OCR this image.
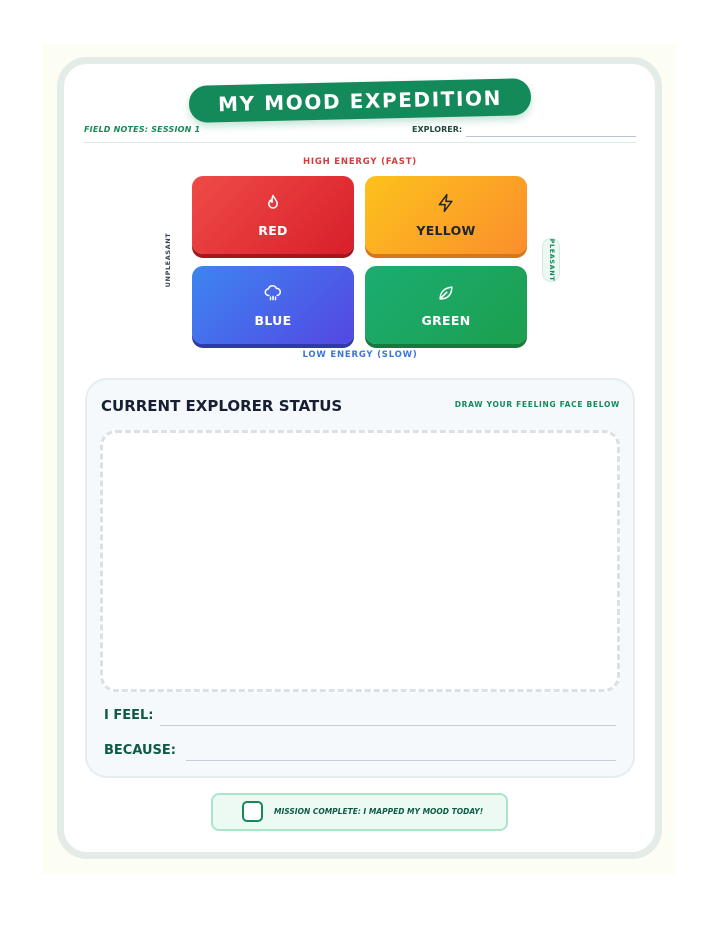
MY MOOD EXPEDITION
FIELD NOTES: SESSION 1	EXPLORER:
HIGH ENERGY (FAST)
UNPLEASANT	PLEASANT
RED	YELLOW
BLUE	GREEN
LOW ENERGY (SLOW)
CURRENT EXPLORER STATUS	DRAW YOUR FEELING FACE BELOW
I FEEL:
BECAUSE:
MISSION COMPLETE: I MAPPED MY MOOD TODAY!
